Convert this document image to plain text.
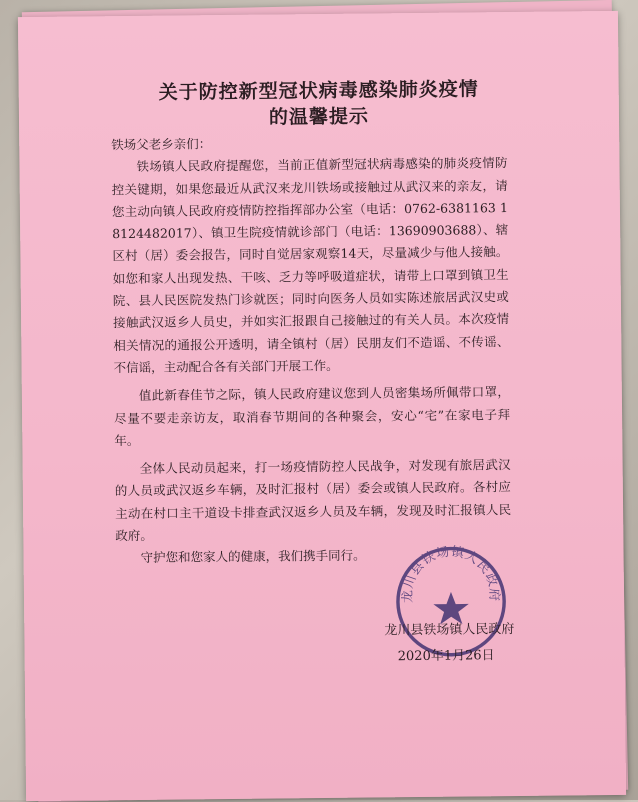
关于防控新型冠状病毒感染肺炎疫情
的温馨提示

铁场父老乡亲们：

铁场镇人民政府提醒您，当前正值新型冠状病毒感染的肺炎疫情防控关键期，如果您最近从武汉来龙川铁场或接触过从武汉来的亲友，请您主动向镇人民政府疫情防控指挥部办公室（电话：0762-6381163 18124482017）、镇卫生院疫情就诊部门（电话：13690903688）、辖区村（居）委会报告，同时自觉居家观察14天，尽量减少与他人接触。如您和家人出现发热、干咳、乏力等呼吸道症状，请带上口罩到镇卫生院、县人民医院发热门诊就医；同时向医务人员如实陈述旅居武汉史或接触武汉返乡人员史，并如实汇报跟自己接触过的有关人员。本次疫情相关情况的通报公开透明，请全镇村（居）民朋友们不造谣、不传谣、不信谣，主动配合各有关部门开展工作。

值此新春佳节之际，镇人民政府建议您到人员密集场所佩带口罩，尽量不要走亲访友，取消春节期间的各种聚会，安心“宅”在家电子拜年。

全体人民动员起来，打一场疫情防控人民战争，对发现有旅居武汉的人员或武汉返乡车辆，及时汇报村（居）委会或镇人民政府。各村应主动在村口主干道设卡排查武汉返乡人员及车辆，发现及时汇报镇人民政府。

守护您和您家人的健康，我们携手同行。

龙川县铁场镇人民政府
龙川县铁场镇人民政府
2020年1月26日
